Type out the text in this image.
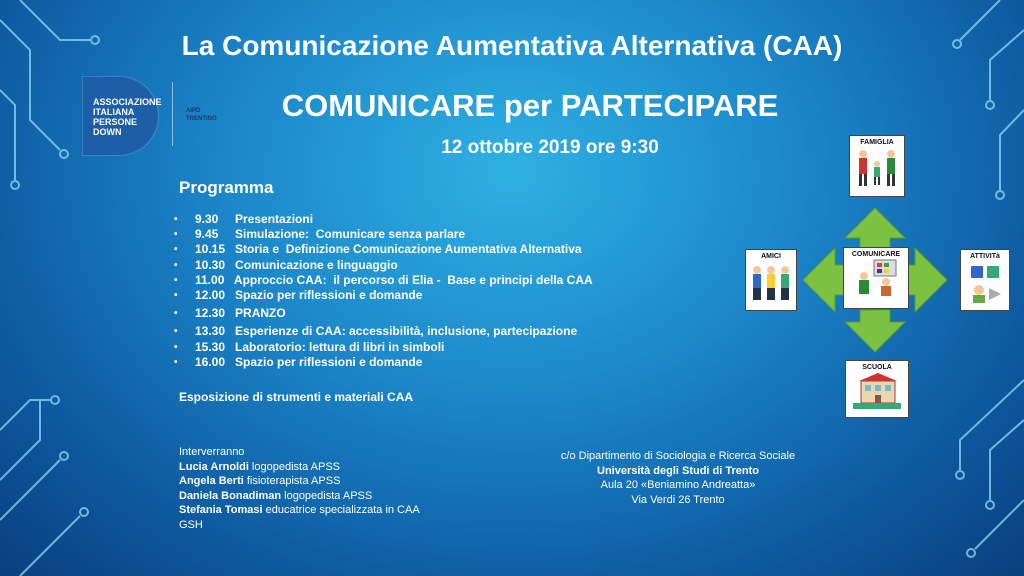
La Comunicazione Aumentativa Alternativa (CAA)
ASSOCIAZIONE
ITALIANA
PERSONE
DOWN
AIPD
TRENTINO	COMUNICARE per PARTECIPARE
12 ottobre 2019 ore 9:30
Programma
• 9.30     Presentazioni
• 9.45     Simulazione:  Comunicare senza parlare
• 10.15   Storia e  Definizione Comunicazione Aumentativa Alternativa
• 10.30   Comunicazione e linguaggio
• 11.00   Approccio CAA:  il percorso di Elia -  Base e principi della CAA
• 12.00   Spazio per riflessioni e domande
• 12.30   PRANZO
• 13.30   Esperienze di CAA: accessibilità, inclusione, partecipazione
• 15.30   Laboratorio: lettura di libri in simboli
• 16.00   Spazio per riflessioni e domande
Esposizione di strumenti e materiali CAA
Interverranno
Lucia Arnoldi logopedista APSS
Angela Berti fisioterapista APSS
Daniela Bonadiman logopedista APSS
Stefania Tomasi educatrice specializzata in CAA
GSH
c/o Dipartimento di Sociologia e Ricerca Sociale
Università degli Studi di Trento
Aula 20 «Beniamino Andreatta»
Via Verdi 26 Trento
COMUNICARE
FAMIGLIA
AMICI	ATTIVITà
SCUOLA
